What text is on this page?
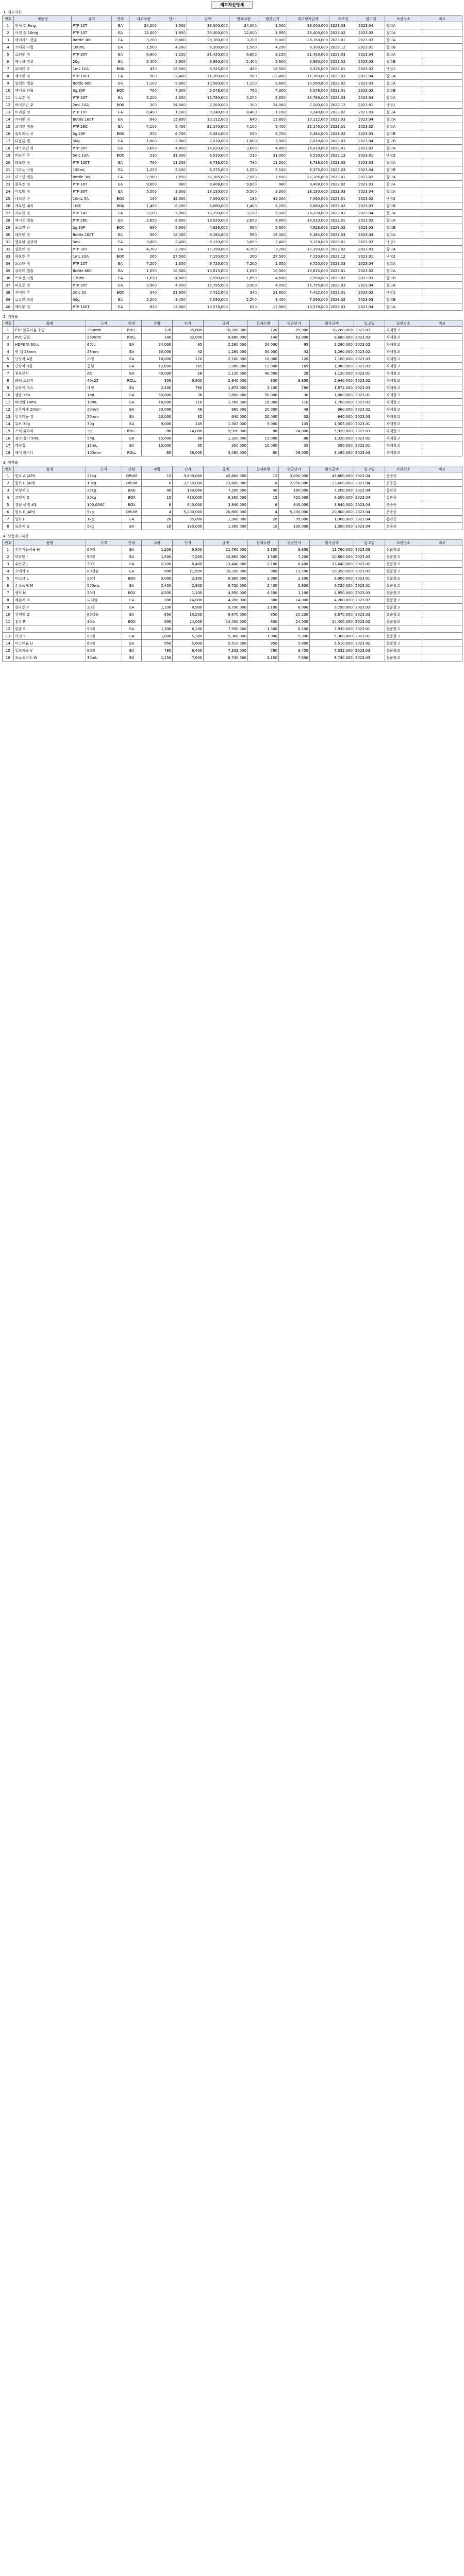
재고자산명세
1. 재고자산
번호	제품명	규격	단위	재고수량	단가	금액	현재수량	평균단가	재고평가금액	제조일	입고일	보관장소	비고
1	위닉 정 8mg	PTP 10T	EA	24,000	1,500	36,000,000	24,000	1,500	36,000,000	2023.03	2023.04	창고A	
2	아셀 정 10mg	PTP 10T	EA	12,000	1,950	23,400,000	12,000	1,950	23,400,000	2023.02	2023.03	창고A	
3	에이리드 캡슐	Bottle 30C	EA	3,200	8,800	28,160,000	3,200	8,800	28,160,000	2023.01	2023.02	창고A	
4	코데론 시럽	100mL	EA	1,500	4,200	6,300,000	1,500	4,200	6,300,000	2022.12	2023.01	창고B	
5	로티엔 정	PTP 30T	EA	6,800	3,150	21,420,000	6,800	3,150	21,420,000	2023.03	2023.04	창고A	
6	베나크 연고	20g	EA	2,400	2,900	6,960,000	2,400	2,900	6,960,000	2023.02	2023.03	창고B	
7	파미딘 주	1mL 10A	BOX	450	18,500	8,325,000	450	18,500	8,325,000	2023.01	2023.02	냉장1	
8	세라틴 정	PTP 100T	EA	900	12,400	11,160,000	900	12,400	11,160,000	2023.03	2023.04	창고A	
9	알레온 캡슐	Bottle 60C	EA	1,100	9,600	10,560,000	1,100	9,600	10,560,000	2023.02	2023.03	창고A	
10	메디플 과립	3g 30P	BOX	760	7,300	5,548,000	760	7,300	5,548,000	2023.01	2023.02	창고B	
11	누로겐 정	PTP 30T	EA	5,200	2,650	13,780,000	5,200	2,650	13,780,000	2023.03	2023.04	창고A	
12	하이포린 주	2mL 10A	BOX	300	24,000	7,200,000	300	24,000	7,200,000	2022.12	2023.01	냉장1	
13	트리셀 정	PTP 10T	EA	8,400	1,100	9,240,000	8,400	1,100	9,240,000	2023.02	2023.03	창고A	
14	카디펜 정	Bottle 100T	EA	640	15,800	10,112,000	640	15,800	10,112,000	2023.03	2023.04	창고A	
15	오메린 캡슐	PTP 28C	EA	4,100	5,400	22,140,000	4,100	5,400	22,140,000	2023.01	2023.02	창고A	
16	솔트렉스 산	5g 20P	BOX	520	6,700	3,484,000	520	6,700	3,484,000	2023.02	2023.03	창고B	
17	디클론 겔	50g	EA	1,800	3,900	7,020,000	1,800	3,900	7,020,000	2023.03	2023.04	창고B	
18	에스로판 정	PTP 30T	EA	3,600	4,450	16,020,000	3,600	4,450	16,020,000	2023.01	2023.02	창고A	
19	비타폰 주	5mL 10A	BOX	210	31,000	6,510,000	210	31,000	6,510,000	2022.12	2023.01	냉장2	
20	레보틴 정	PTP 100T	EA	780	11,200	8,736,000	780	11,200	8,736,000	2023.02	2023.03	창고A	
21	그라논 시럽	150mL	EA	1,250	5,100	6,375,000	1,250	5,100	6,375,000	2023.03	2023.04	창고B	
22	타크민 캡슐	Bottle 30C	EA	2,900	7,650	22,185,000	2,900	7,650	22,185,000	2023.01	2023.02	창고A	
23	플루겐 정	PTP 10T	EA	9,600	980	9,408,000	9,600	980	9,408,000	2023.02	2023.03	창고A	
24	아토벡 정	PTP 30T	EA	5,500	3,300	18,150,000	5,500	3,300	18,150,000	2023.03	2023.04	창고A	
25	네프린 주	10mL 5A	BOX	180	42,000	7,560,000	180	42,000	7,560,000	2023.01	2023.02	냉장2	
26	케토민 패치	10매	BOX	1,400	6,200	8,680,000	1,400	6,200	8,680,000	2023.02	2023.03	창고B	
27	리나졸 정	PTP 14T	EA	3,100	5,900	18,290,000	3,100	5,900	18,290,000	2023.03	2023.04	창고A	
28	엑시돈 캡슐	PTP 28C	EA	2,650	6,800	18,020,000	2,650	6,800	18,020,000	2023.01	2023.02	창고A	
29	포스칸 산	2g 30P	BOX	880	5,600	4,928,000	880	5,600	4,928,000	2023.02	2023.03	창고B	
30	테라빈 정	Bottle 100T	EA	560	16,400	9,184,000	560	16,400	9,184,000	2023.03	2023.04	창고A	
31	멜로판 점안액	5mL	EA	3,800	2,400	9,120,000	3,800	2,400	9,120,000	2023.01	2023.02	냉장1	
32	실로텍 정	PTP 30T	EA	4,700	3,700	17,390,000	4,700	3,700	17,390,000	2023.02	2023.03	창고A	
33	하모렌 주	1mL 10A	BOX	260	27,500	7,150,000	260	27,500	7,150,000	2022.12	2023.01	냉장2	
34	오스틴 정	PTP 10T	EA	7,200	1,350	9,720,000	7,200	1,350	9,720,000	2023.03	2023.04	창고A	
35	큐라텍 캡슐	Bottle 60C	EA	1,050	10,300	10,815,000	1,050	10,300	10,815,000	2023.01	2023.02	창고A	
36	브로신 시럽	120mL	EA	1,650	4,600	7,590,000	1,650	4,600	7,590,000	2023.02	2023.03	창고B	
37	피로겐 정	PTP 30T	EA	3,900	4,050	15,795,000	3,900	4,050	15,795,000	2023.03	2023.04	창고A	
38	자이텍 주	2mL 5A	BOX	340	21,800	7,412,000	340	21,800	7,412,000	2023.01	2023.02	냉장1	
39	로살린 크림	30g	EA	2,200	3,450	7,590,000	2,200	3,450	7,590,000	2023.02	2023.03	창고B	
40	메타펜 정	PTP 100T	EA	820	12,900	10,578,000	820	12,900	10,578,000	2023.03	2023.04	창고A	
2. 저장품
번호	품명	규격	단위	수량	단가	금액	현재수량	평균단가	평가금액	입고일	보관장소	비고
1	PTP 알루미늄 호일	250mm	ROLL	120	85,000	10,200,000	120	85,000	10,200,000	2023.03	자재창고	
2	PVC 필름	260mm	ROLL	140	62,000	8,680,000	140	62,000	8,680,000	2023.03	자재창고	
3	HDPE 병 60cc	60cc	EA	24,000	95	2,280,000	24,000	95	2,280,000	2023.02	자재창고	
4	병 캡 28mm	28mm	EA	30,000	42	1,260,000	30,000	42	1,260,000	2023.02	자재창고	
5	단상자 A형	소형	EA	18,000	120	2,160,000	18,000	120	2,160,000	2023.03	자재창고	
6	단상자 B형	중형	EA	12,000	165	1,980,000	12,000	165	1,980,000	2023.03	자재창고	
7	첨부문서	A5	EA	40,000	28	1,120,000	40,000	28	1,120,000	2023.01	자재창고	
8	라벨 스티커	40x25	ROLL	300	9,800	2,940,000	300	9,800	2,940,000	2023.02	자재창고	
9	골판지 박스	대형	EA	2,400	780	1,872,000	2,400	780	1,872,000	2023.03	자재창고	
10	앰플 1mL	1mL	EA	50,000	36	1,800,000	50,000	36	1,800,000	2023.01	자재창고	
11	바이알 10mL	10mL	EA	16,000	110	1,760,000	16,000	110	1,760,000	2023.02	자재창고	
12	고무마개 20mm	20mm	EA	20,000	48	960,000	20,000	48	960,000	2023.02	자재창고	
13	알루미늄 씰	20mm	EA	20,000	32	640,000	20,000	32	640,000	2023.03	자재창고	
14	튜브 30g	30g	EA	9,000	145	1,305,000	9,000	145	1,305,000	2023.01	자재창고	
15	스틱 파우치	3g	ROLL	80	74,000	5,920,000	80	74,000	5,920,000	2023.03	자재창고	
16	점안 용기 5mL	5mL	EA	15,000	88	1,320,000	15,000	88	1,320,000	2023.02	자재창고	
17	계량컵	15mL	EA	10,000	35	350,000	10,000	35	350,000	2023.01	자재창고	
18	패치 라이너	100mm	ROLL	60	58,000	3,480,000	60	58,000	3,480,000	2023.03	자재창고	
3. 미착품
번호	품명	규격	단위	수량	단가	금액	현재수량	평균단가	평가금액	입고일	보관장소	비고
1	원료 A (API)	25kg	DRUM	12	3,800,000	45,600,000	12	3,800,000	45,600,000	2023.04	운송중	
2	원료 B (API)	10kg	DRUM	8	2,950,000	23,600,000	8	2,950,000	23,600,000	2023.04	운송중	
3	부형제 C	25kg	BAG	40	180,000	7,200,000	40	180,000	7,200,000	2023.04	통관중	
4	코팅제 D	20kg	BOX	15	420,000	6,300,000	15	420,000	6,300,000	2023.04	통관중	
5	캡슐 공캡 #1	100,000C	BOX	6	640,000	3,840,000	6	640,000	3,840,000	2023.04	운송중	
6	원료 E (API)	5kg	DRUM	4	5,200,000	20,800,000	4	5,200,000	20,800,000	2023.04	운송중	
7	향료 F	1kg	EA	20	95,000	1,900,000	20	95,000	1,900,000	2023.04	통관중	
8	보존제 G	5kg	EA	10	130,000	1,300,000	10	130,000	1,300,000	2023.04	운송중	
4. 상품재고자산
번호	품명	규격	단위	수량	단가	금액	현재수량	평균단가	평가금액	입고일	보관장소	비고
1	건강기능식품 H	60정	EA	1,200	9,800	11,760,000	1,200	9,800	11,760,000	2023.03	상품창고	
2	비타민 I	90정	EA	1,500	7,200	10,800,000	1,500	7,200	10,800,000	2023.03	상품창고	
3	유산균 J	30포	EA	2,100	6,400	13,440,000	2,100	6,400	13,440,000	2023.02	상품창고	
4	오메가 K	60캡슐	EA	900	11,500	10,350,000	900	11,500	10,350,000	2023.02	상품창고	
5	마스크 L	50매	BOX	3,000	2,300	6,900,000	3,000	2,300	6,900,000	2023.01	상품창고	
6	손소독제 M	500mL	EA	2,400	2,800	6,720,000	2,400	2,800	6,720,000	2023.01	상품창고	
7	밴드 N	20매	BOX	4,500	1,100	4,950,000	4,500	1,100	4,950,000	2023.03	상품창고	
8	체온계 O	디지털	EA	300	14,000	4,200,000	300	14,000	4,200,000	2023.02	상품창고	
9	콜라겐 P	30포	EA	1,100	8,900	9,790,000	1,100	8,900	9,790,000	2023.03	상품창고	
10	루테인 Q	60캡슐	EA	850	10,200	8,670,000	850	10,200	8,670,000	2023.03	상품창고	
11	홍삼 R	30포	BOX	600	24,000	14,400,000	600	24,000	14,400,000	2023.02	상품창고	
12	칼슘 S	90정	EA	1,300	6,100	7,930,000	1,300	6,100	7,930,000	2023.01	상품창고	
13	아연 T	60정	EA	1,000	5,300	5,300,000	1,000	5,300	5,300,000	2023.01	상품창고	
14	마그네슘 U	60정	EA	950	5,800	5,510,000	950	5,800	5,510,000	2023.02	상품창고	
15	밀크씨슬 V	60정	EA	780	9,400	7,332,000	780	9,400	7,332,000	2023.03	상품창고	
16	프로폴리스 W	30mL	EA	1,150	7,600	8,740,000	1,150	7,600	8,740,000	2023.03	상품창고	
